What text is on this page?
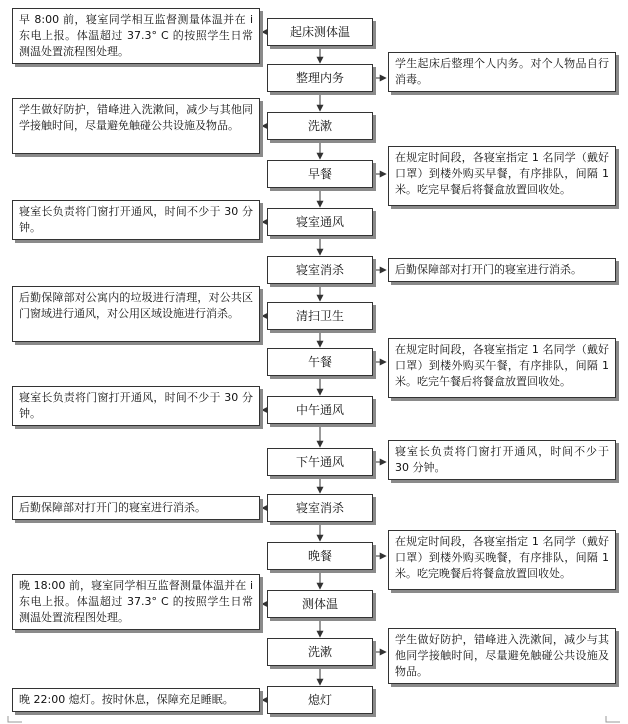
起床测体温
早 8:00 前，寝室同学相互监督测量体温并在 i 东电上报。体温超过 37.3° C 的按照学生日常测温处置流程图处理。
整理内务
学生起床后整理个人内务。对个人物品自行消毒。
洗漱
学生做好防护，错峰进入洗漱间，减少与其他同学接触时间，尽量避免触碰公共设施及物品。
早餐
在规定时间段，各寝室指定 1 名同学（戴好口罩）到楼外购买早餐，有序排队，间隔 1 米。吃完早餐后将餐盒放置回收处。
寝室通风
寝室长负责将门窗打开通风，时间不少于 30 分钟。
寝室消杀	后勤保障部对打开门的寝室进行消杀。
清扫卫生
后勤保障部对公寓内的垃圾进行清理，对公共区门窗域进行通风，对公用区域设施进行消杀。
午餐
在规定时间段，各寝室指定 1 名同学（戴好口罩）到楼外购买午餐，有序排队，间隔 1 米。吃完午餐后将餐盒放置回收处。
中午通风
寝室长负责将门窗打开通风，时间不少于 30 分钟。
下午通风
寝室长负责将门窗打开通风，时间不少于 30 分钟。
寝室消杀
后勤保障部对打开门的寝室进行消杀。
晚餐
在规定时间段，各寝室指定 1 名同学（戴好口罩）到楼外购买晚餐，有序排队，间隔 1 米。吃完晚餐后将餐盒放置回收处。
测体温
晚 18:00 前，寝室同学相互监督测量体温并在 i 东电上报。体温超过 37.3° C 的按照学生日常测温处置流程图处理。
洗漱
学生做好防护，错峰进入洗漱间，减少与其他同学接触时间，尽量避免触碰公共设施及物品。
熄灯
晚 22:00 熄灯。按时休息，保障充足睡眠。
